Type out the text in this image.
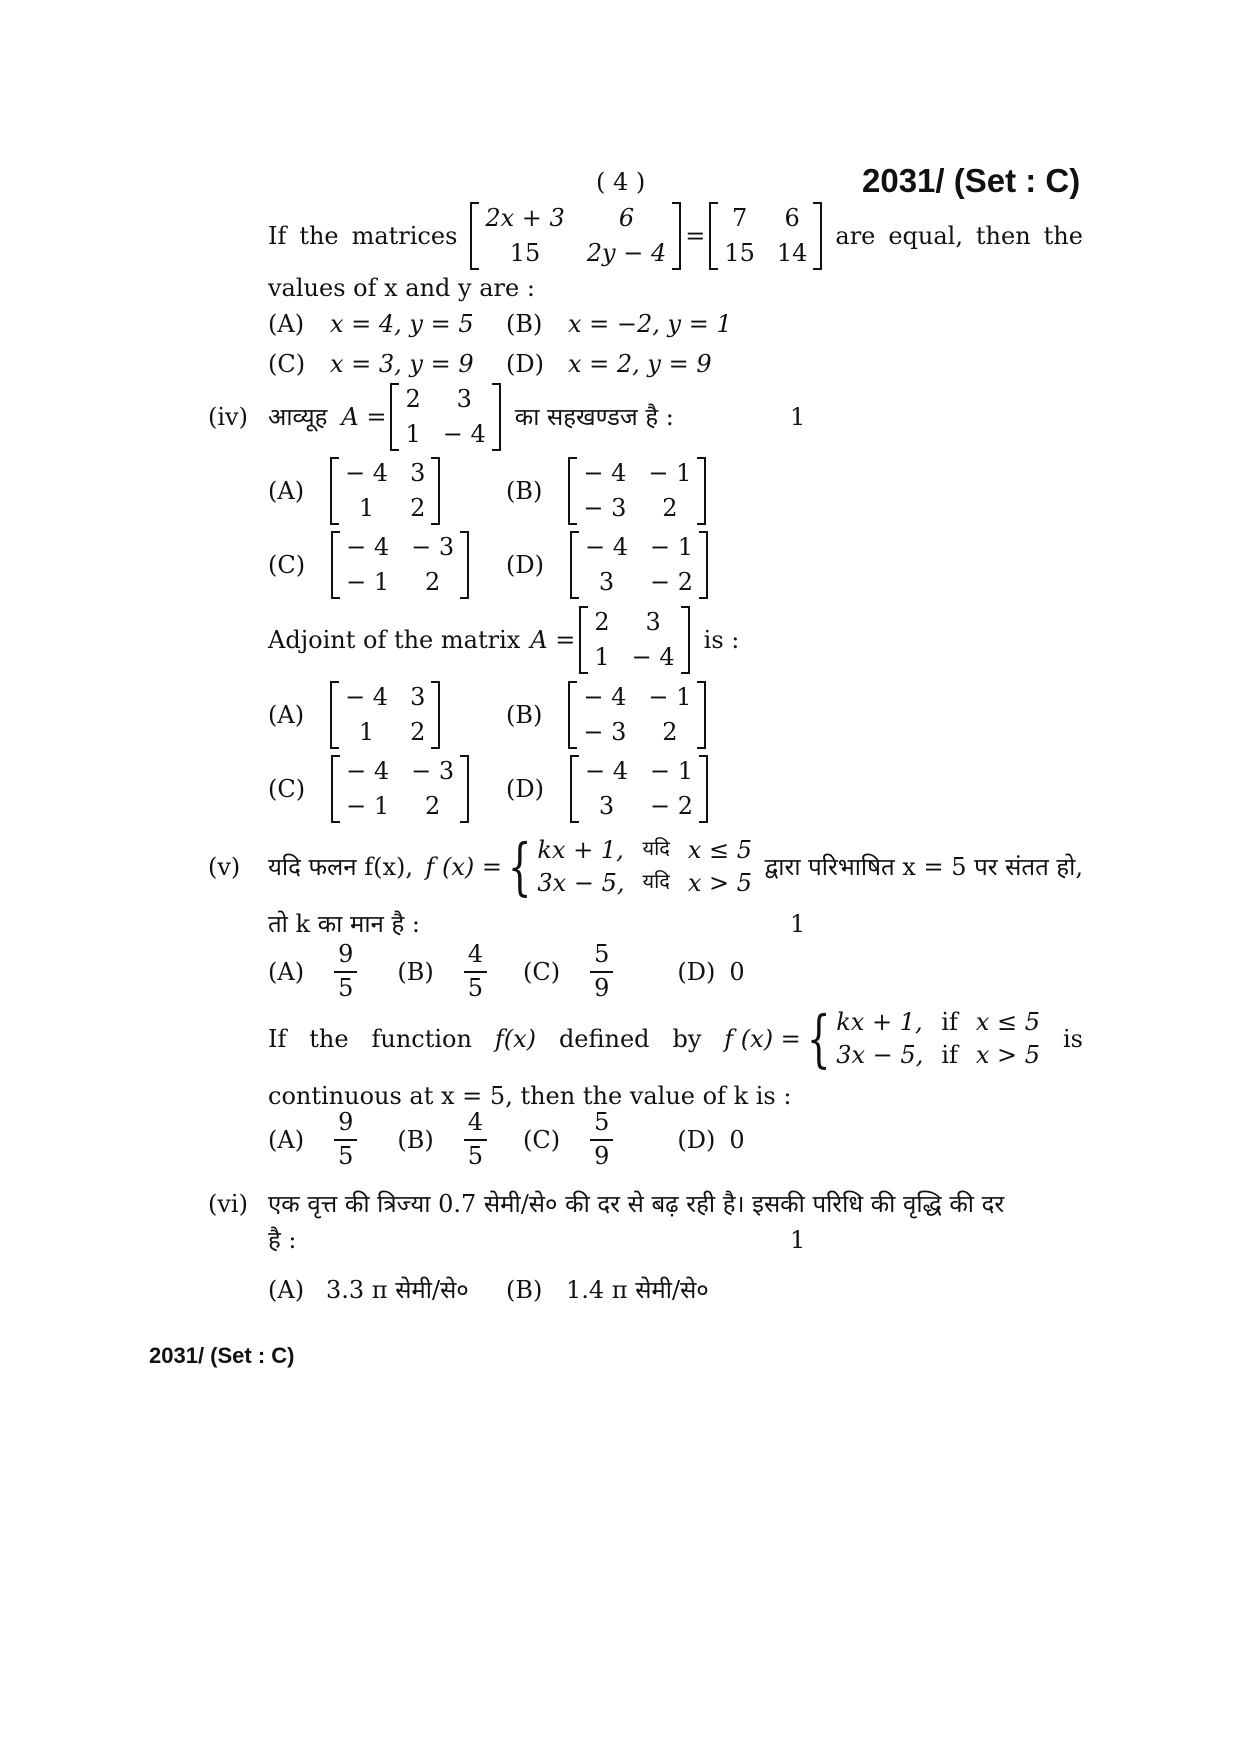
( 4 )	2031/ (Set : C)
If the matrices
2x + 3	6
15	2y − 4
=
7	6
15 14
are equal, then the
values of x and y are :
(A) x = 4, y = 5 (B) x = −2, y = 1
(C) x = 3, y = 9 (D) x = 2, y = 9
(iv) आव्यूह A =
2	3
1 − 4
का सहखण्डज है :	1
(A)
− 4 3
1	2
(B)
− 4 − 1
− 3	2
(C)
− 4 − 3
− 1	2
(D)
− 4 − 1
3	− 2
Adjoint of the matrix A =
2	3
1 − 4
is :
(A)
− 4 3
1	2
(B)
− 4 − 1
− 3	2
(C)
− 4 − 3
− 1	2
(D)
− 4 − 1
3	− 2
(v) यदि फलन f(x), f (x) = { kx + 1, यदि x ≤ 5
3x − 5, यदि x > 5
द्वारा परिभाषित x = 5 पर संतत हो,
तो k का मान है :	1
$(A) \frac{9}{5} (B) \frac{4}{5} (C) \frac{5}{9}$	(D) 0
If the function f(x) defined by f (x) = { kx + 1, if x ≤ 5
3x − 5, if x > 5
is
continuous at x = 5, then the value of k is :
$(A) \frac{9}{5} (B) \frac{4}{5} (C) \frac{5}{9}$	(D) 0
(vi) एक वृत्त की त्रिज्या 0.7 सेमी/से० की दर से बढ़ रही है। इसकी परिधि की वृद्धि की दर
है :	1
(A) 3.3 π सेमी/से० (B) 1.4 π सेमी/से०
2031/ (Set : C)
